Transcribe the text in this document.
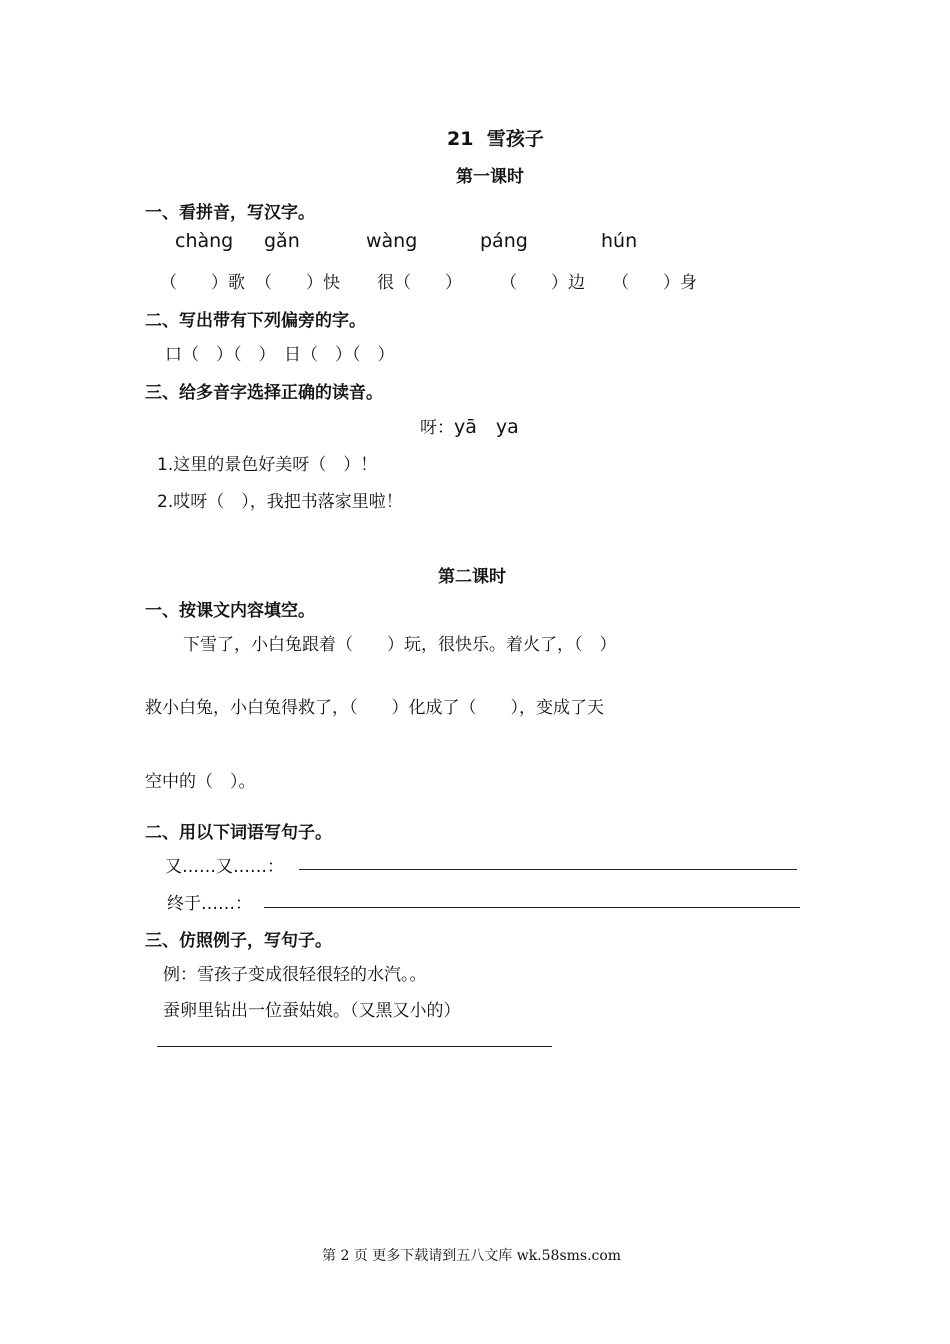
21 雪孩子
第一课时
一、看拼音，写汉字。
chàng gǎn	wàng	páng	hún
（　　）歌 （　　）快 很（　　） （　　）边 （　　）身
二、写出带有下列偏旁的字。
口（　）（　）　日（　）（　）
三、给多音字选择正确的读音。
呀：yā　ya
1.这里的景色好美呀（　）！
2.哎呀（　），我把书落家里啦！
第二课时
一、按课文内容填空。
下雪了，小白兔跟着（　　）玩，很快乐。着火了，（　）
救小白兔，小白兔得救了，（　　）化成了（　　），变成了天
空中的（　）。
二、用以下词语写句子。
又……又……：
终于……：
三、仿照例子，写句子。
例：雪孩子变成很轻很轻的水汽。。
蚕卵里钻出一位蚕姑娘。（又黑又小的）
第 2 页 更多下载请到五八文库 wk.58sms.com
